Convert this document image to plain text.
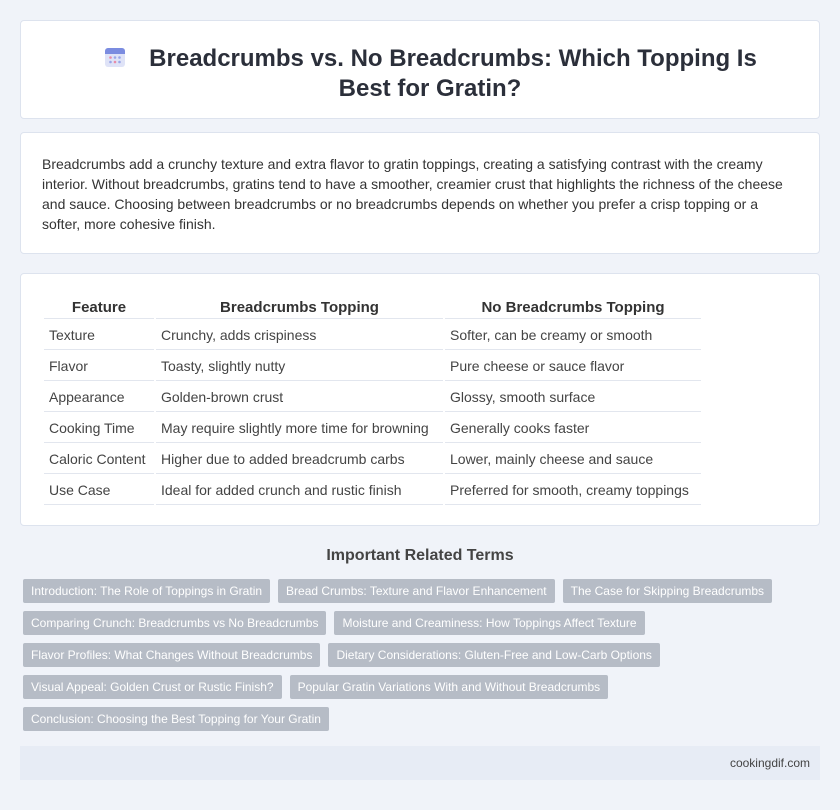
Breadcrumbs vs. No Breadcrumbs: Which Topping Is Best for Gratin?

Breadcrumbs add a crunchy texture and extra flavor to gratin toppings, creating a satisfying contrast with the creamy interior. Without breadcrumbs, gratins tend to have a smoother, creamier crust that highlights the richness of the cheese and sauce. Choosing between breadcrumbs or no breadcrumbs depends on whether you prefer a crisp topping or a softer, more cohesive finish.

Feature	Breadcrumbs Topping	No Breadcrumbs Topping
Texture	Crunchy, adds crispiness	Softer, can be creamy or smooth
Flavor	Toasty, slightly nutty	Pure cheese or sauce flavor
Appearance	Golden-brown crust	Glossy, smooth surface
Cooking Time	May require slightly more time for browning	Generally cooks faster
Caloric Content	Higher due to added breadcrumb carbs	Lower, mainly cheese and sauce
Use Case	Ideal for added crunch and rustic finish	Preferred for smooth, creamy toppings
Important Related Terms
Introduction: The Role of Toppings in Gratin	Bread Crumbs: Texture and Flavor Enhancement	The Case for Skipping Breadcrumbs
Comparing Crunch: Breadcrumbs vs No Breadcrumbs	Moisture and Creaminess: How Toppings Affect Texture
Flavor Profiles: What Changes Without Breadcrumbs	Dietary Considerations: Gluten-Free and Low-Carb Options
Visual Appeal: Golden Crust or Rustic Finish?	Popular Gratin Variations With and Without Breadcrumbs
Conclusion: Choosing the Best Topping for Your Gratin
cookingdif.com
